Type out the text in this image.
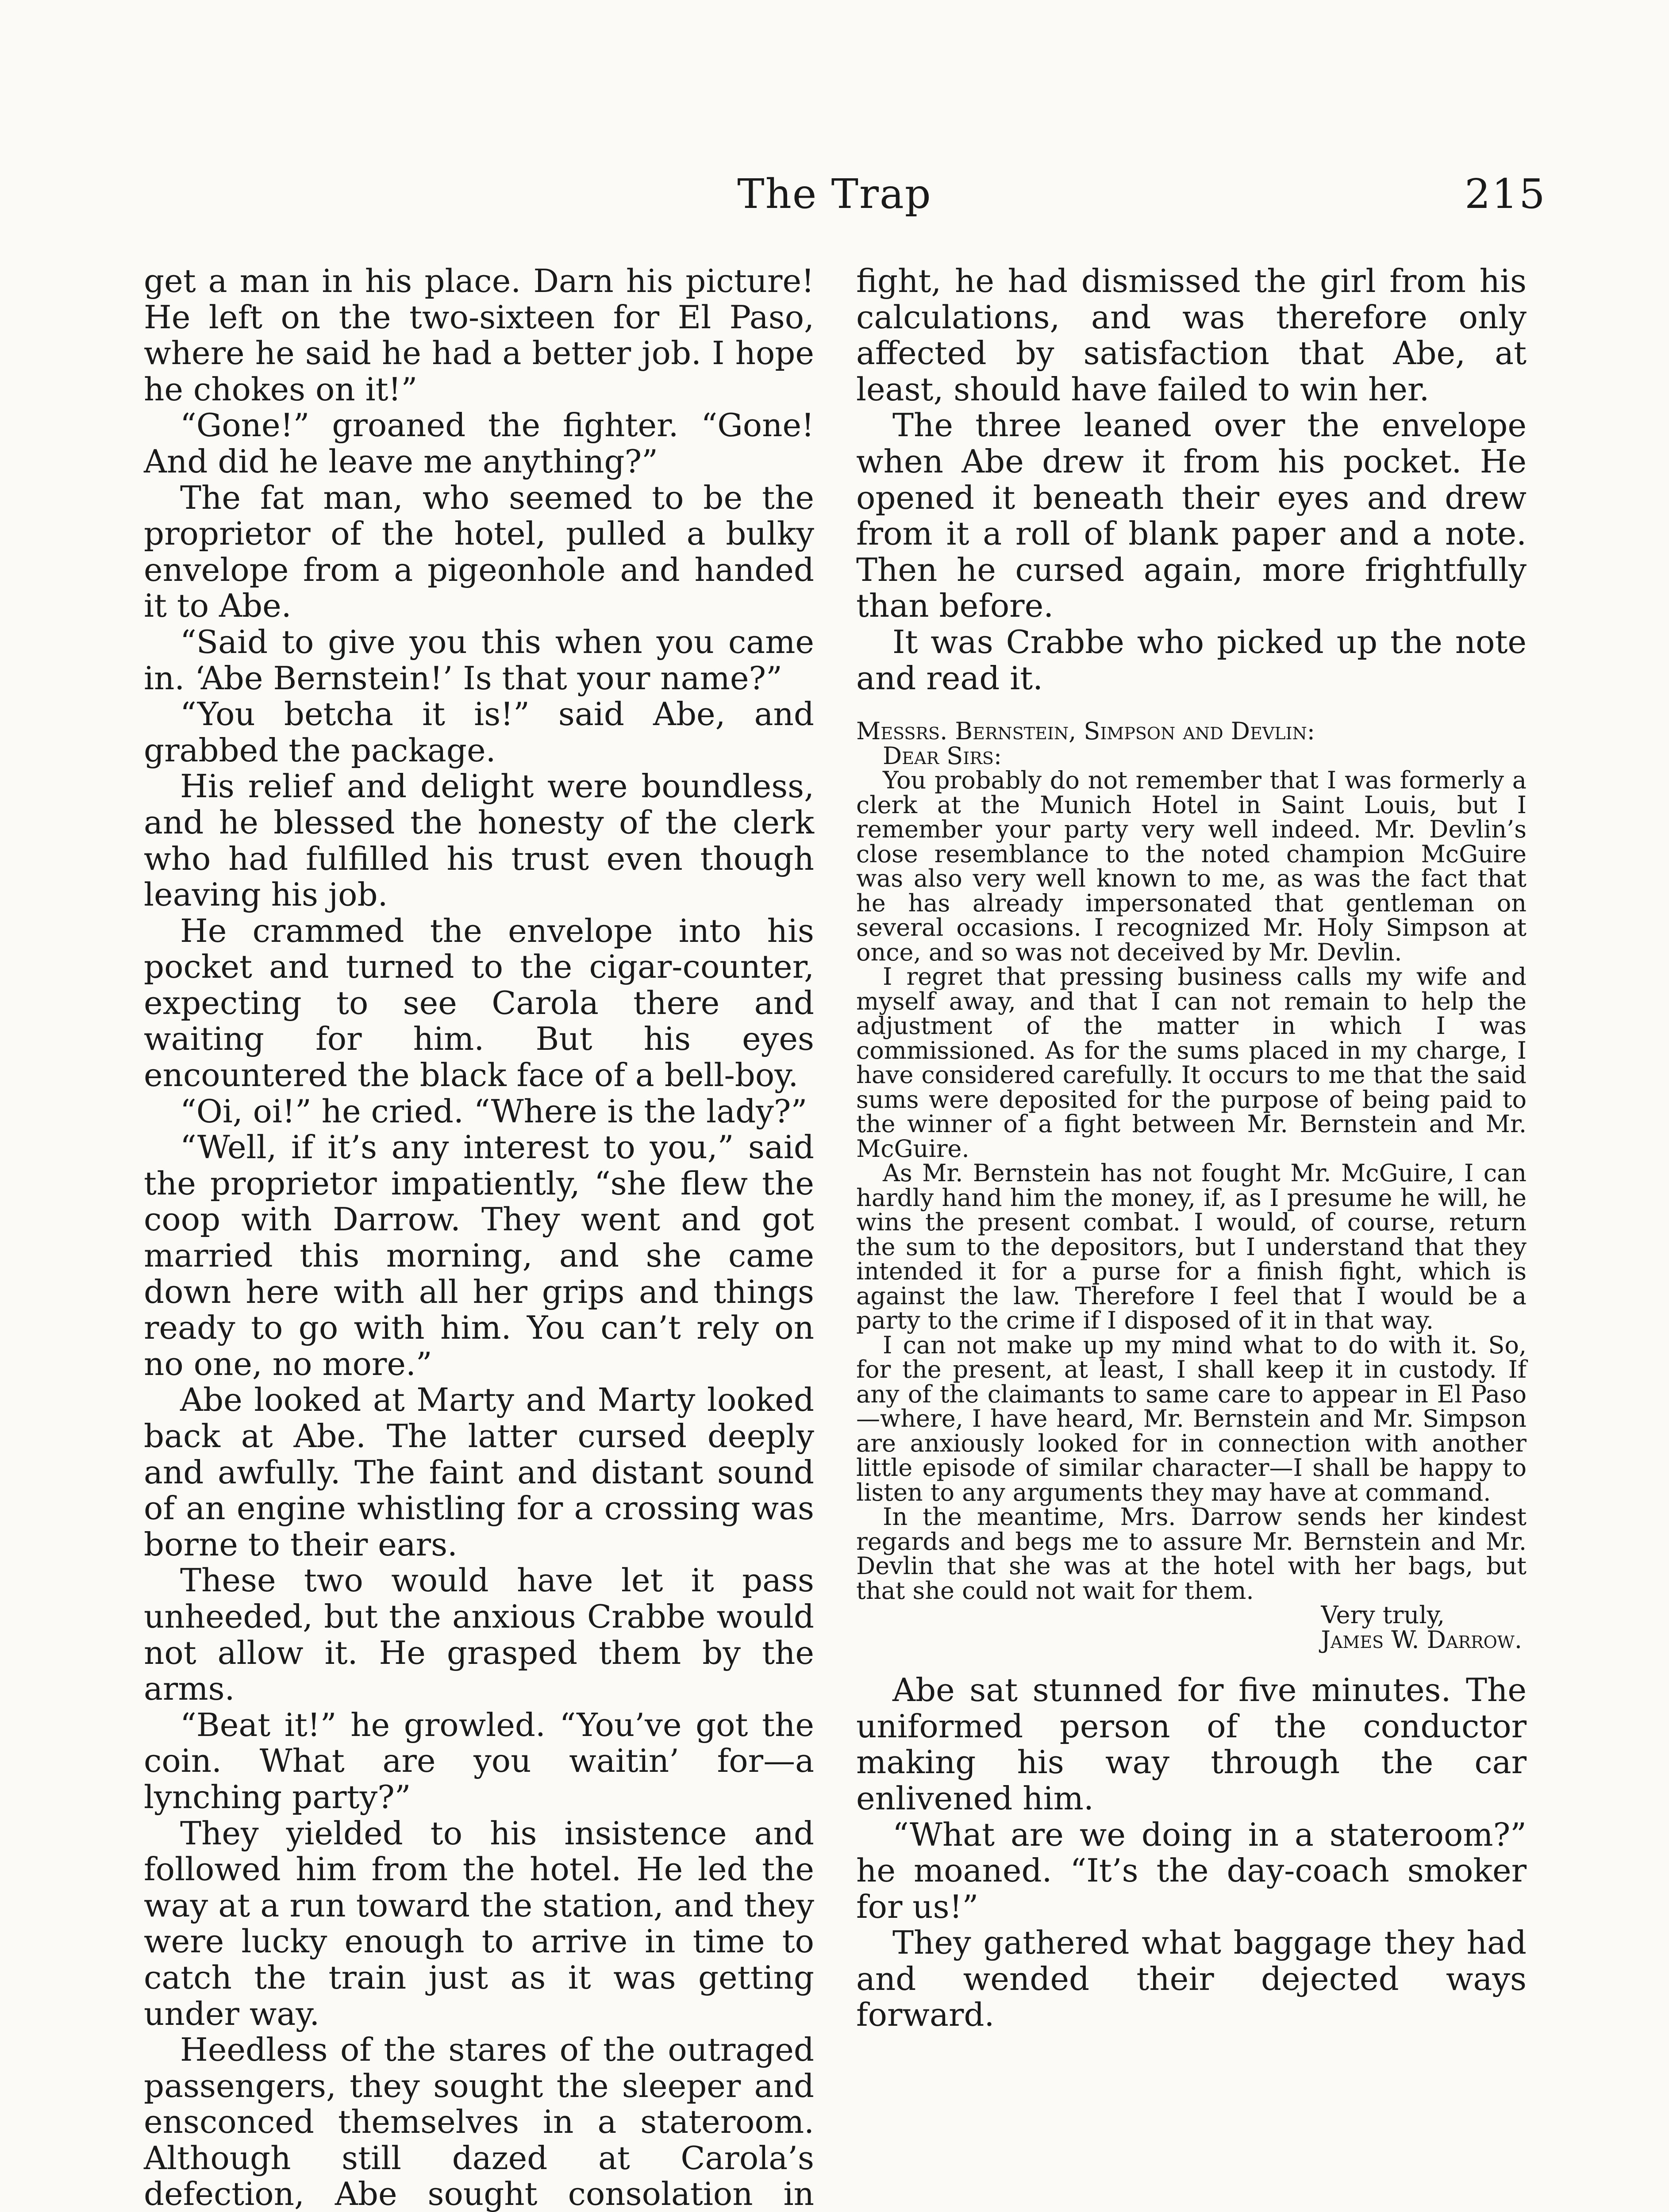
The Trap	215

get a man in his place. Darn his picture! He left on the two-sixteen for El Paso, where he said he had a better job. I hope he chokes on it!”

“Gone!” groaned the fighter. “Gone! And did he leave me anything?”

The fat man, who seemed to be the proprietor of the hotel, pulled a bulky envelope from a pigeonhole and handed it to Abe.

“Said to give you this when you came in. ‘Abe Bernstein!’ Is that your name?”

“You betcha it is!” said Abe, and grabbed the package.

His relief and delight were boundless, and he blessed the honesty of the clerk who had fulfilled his trust even though leaving his job.

He crammed the envelope into his pocket and turned to the cigar-counter, expecting to see Carola there and waiting for him. But his eyes encountered the black face of a bell-boy.

“Oi, oi!” he cried. “Where is the lady?”

“Well, if it’s any interest to you,” said the proprietor impatiently, “she flew the coop with Darrow. They went and got married this morning, and she came down here with all her grips and things ready to go with him. You can’t rely on no one, no more.”

Abe looked at Marty and Marty looked back at Abe. The latter cursed deeply and awfully. The faint and distant sound of an engine whistling for a crossing was borne to their ears.

These two would have let it pass unheeded, but the anxious Crabbe would not allow it. He grasped them by the arms.

“Beat it!” he growled. “You’ve got the coin. What are you waitin’ for—a lynching party?”

They yielded to his insistence and followed him from the hotel. He led the way at a run toward the station, and they were lucky enough to arrive in time to catch the train just as it was getting under way.

Heedless of the stares of the outraged passengers, they sought the sleeper and ensconced themselves in a stateroom. Although still dazed at Carola’s defection, Abe sought consolation in

fight, he had dismissed the girl from his calculations, and was therefore only affected by satisfaction that Abe, at least, should have failed to win her.

The three leaned over the envelope when Abe drew it from his pocket. He opened it beneath their eyes and drew from it a roll of blank paper and a note. Then he cursed again, more frightfully than before.

It was Crabbe who picked up the note and read it.

Messrs. Bernstein, Simpson and Devlin:

Dear Sirs:

You probably do not remember that I was formerly a clerk at the Munich Hotel in Saint Louis, but I remember your party very well indeed. Mr. Devlin’s close resemblance to the noted champion McGuire was also very well known to me, as was the fact that he has already impersonated that gentleman on several occasions. I recognized Mr. Holy Simpson at once, and so was not deceived by Mr. Devlin.

I regret that pressing business calls my wife and myself away, and that I can not remain to help the adjustment of the matter in which I was commissioned. As for the sums placed in my charge, I have considered carefully. It occurs to me that the said sums were deposited for the purpose of being paid to the winner of a fight between Mr. Bernstein and Mr. McGuire.

As Mr. Bernstein has not fought Mr. McGuire, I can hardly hand him the money, if, as I presume he will, he wins the present combat. I would, of course, return the sum to the depositors, but I understand that they intended it for a purse for a finish fight, which is against the law. Therefore I feel that I would be a party to the crime if I disposed of it in that way.

I can not make up my mind what to do with it. So, for the present, at least, I shall keep it in custody. If any of the claimants to same care to appear in El Paso—where, I have heard, Mr. Bernstein and Mr. Simpson are anxiously looked for in connection with another little episode of similar character—I shall be happy to listen to any arguments they may have at command.

In the meantime, Mrs. Darrow sends her kindest regards and begs me to assure Mr. Bernstein and Mr. Devlin that she was at the hotel with her bags, but that she could not wait for them.

Very truly,

James W. Darrow.

Abe sat stunned for five minutes. The uniformed person of the conductor making his way through the car enlivened him.

“What are we doing in a stateroom?” he moaned. “It’s the day-coach smoker for us!”

They gathered what baggage they had and wended their dejected ways forward.
